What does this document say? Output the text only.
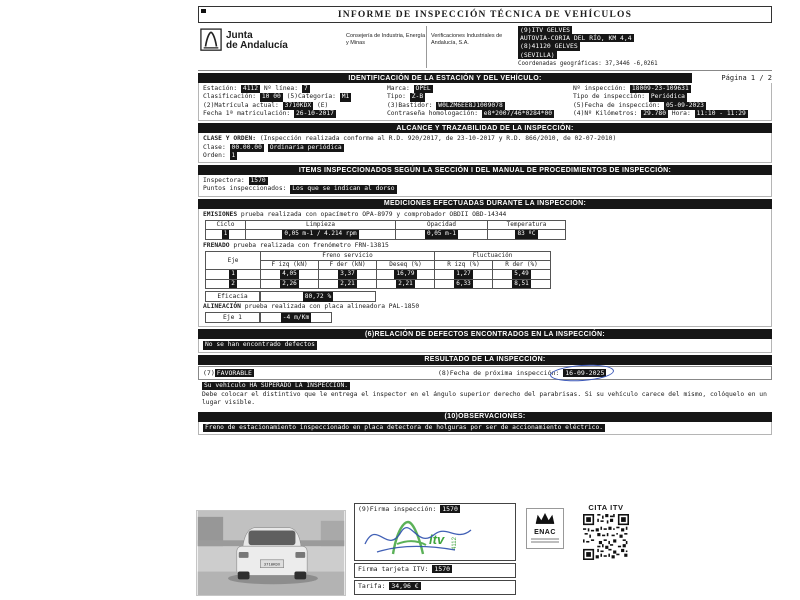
INFORME DE INSPECCIÓN TÉCNICA DE VEHÍCULOS
Junta
de Andalucía
Consejería de Industria, Energía y Minas
Verificaciones Industriales de Andalucía, S.A.
(9)ITV GELVES
AUTOVIA-CORIA DEL RÍO, KM 4,4
(8)41120 GELVES
(SEVILLA)
Coordenadas geográficas: 37,3446 -6,0261
IDENTIFICACIÓN DE LA ESTACIÓN Y DEL VEHÍCULO:	Página 1 / 2
Estación: 4112 Nº línea: 7
Clasificación: 10 00 (5)Categoría: M1
(2)Matrícula actual: 3710KDX (E)
Fecha 1ª matriculación: 26-10-2017
Marca: OPEL
Tipo: Z-B
(3)Bastidor: W0LZM6EE8J1009078
Contraseña homologación: e8*2007/46*0284*00
Nº inspección: 18009-23-109631
Tipo de inspección: Periódica
(5)Fecha de inspección: 05-09-2023
(4)Nº Kilómetros: 29.780 Hora: 11:10 - 11:29
ALCANCE Y TRAZABILIDAD DE LA INSPECCIÓN:
CLASE Y ORDEN: (Inspección realizada conforme al R.D. 920/2017, de 23-10-2017 y R.D. 866/2010, de 02-07-2010)
Clase: 00.00.00 Ordinaria periódica
Orden: 1
ITEMS INSPECCIONADOS SEGÚN LA SECCIÓN I DEL MANUAL DE PROCEDIMIENTOS DE INSPECCIÓN:
Inspectora: 1570
Puntos inspeccionados: Los que se indican al dorso
MEDICIONES EFECTUADAS DURANTE LA INSPECCIÓN:
EMISIONES prueba realizada con opacímetro OPA-8979 y comprobador OBDII OBD-14344
Ciclo	Limpieza	Opacidad	Temperatura
1	0,05 m-1 / 4.214 rpm	0,05 m-1	83 ºC
FRENADO prueba realizada con frenómetro FRN-13815
Eje	Freno servicio			Fluctuación	
	F izq (kN)	F der (kN)	Deseq (%)	R izq (%)	R der (%)
1	4,05	3,37	16,79	1,27	5,49
2	2,26	2,21	2,21	6,33	8,51
Eficacia	80,72 %
ALINEACIÓN prueba realizada con placa alineadora PAL-1850
Eje 1	-4 m/Km
(6)RELACIÓN DE DEFECTOS ENCONTRADOS EN LA INSPECCIÓN:
No se han encontrado defectos
RESULTADO DE LA INSPECCIÓN:
(7) FAVORABLE	(8)Fecha de próxima inspección: 16-09-2025
Su vehículo HA SUPERADO LA INSPECCIÓN.
Debe colocar el distintivo que le entrega el inspector en el ángulo superior derecho del parabrisas. Si su vehículo carece del mismo, colóquelo en un lugar visible.
(10)OBSERVACIONES:
Freno de estacionamiento inspeccionado en placa detectora de holguras por ser de accionamiento eléctrico.
3710KDX
(9)Firma inspección: 1570
itv 4112
Firma tarjeta ITV: 1570
Tarifa: 34,96 €
ENAC
CITA ITV
